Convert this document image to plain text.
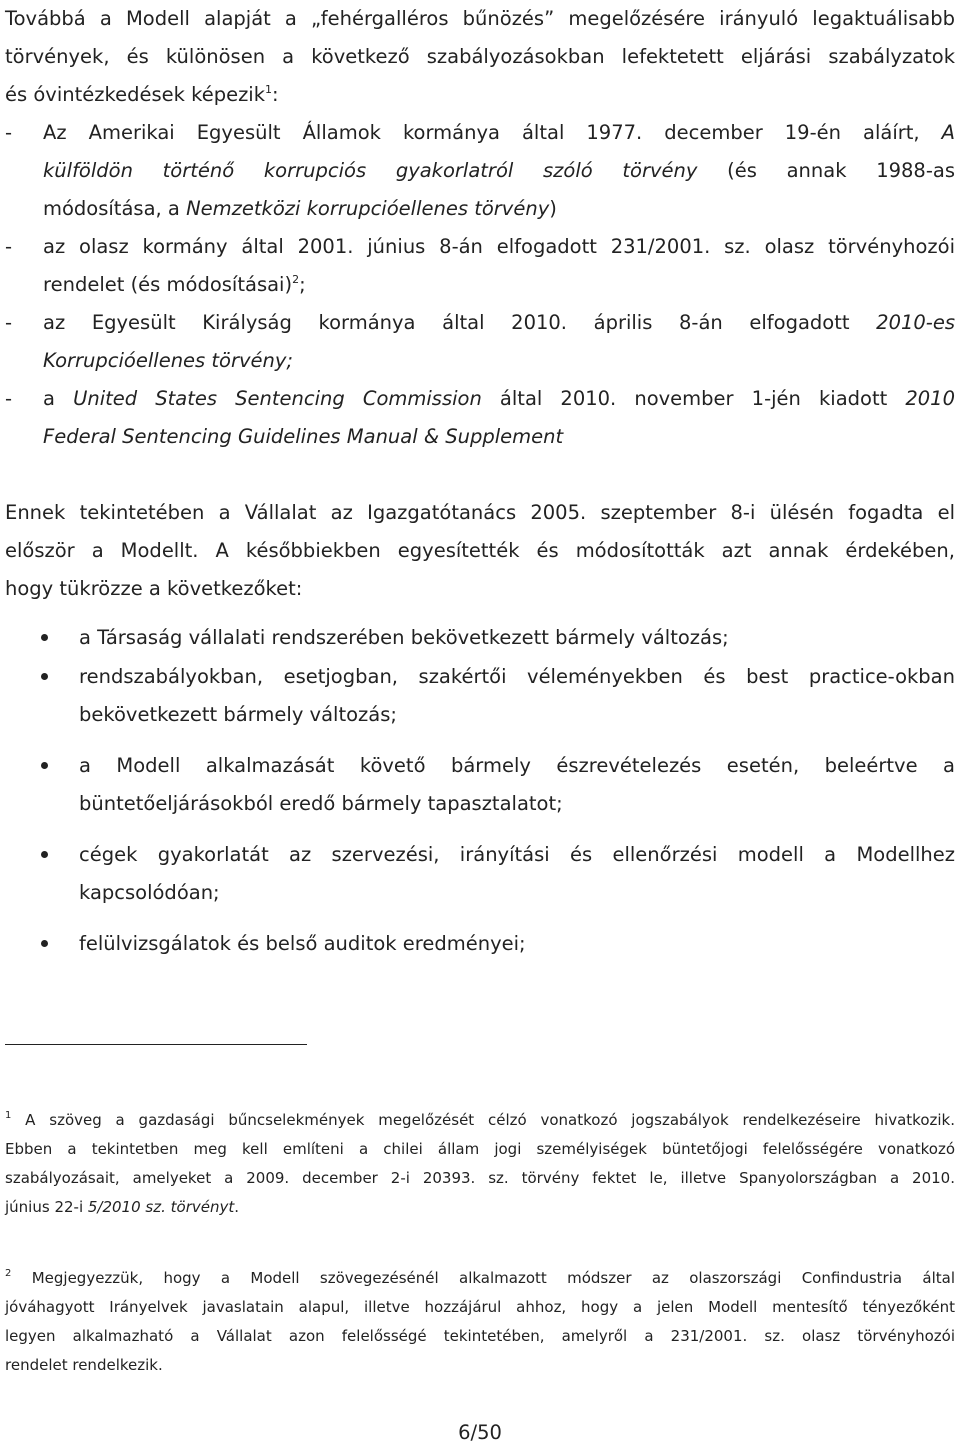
Továbbá a Modell alapját a „fehérgalléros bűnözés” megelőzésére irányuló legaktuálisabb

törvények, és különösen a következő szabályozásokban lefektetett eljárási szabályzatok

és óvintézkedések képezik$^1$:

- Az Amerikai Egyesült Államok kormánya által 1977. december 19-én aláírt, A

külföldön történő korrupciós gyakorlatról szóló törvény (és annak 1988-as

módosítása, a Nemzetközi korrupcióellenes törvény)

- az olasz kormány által 2001. június 8-án elfogadott 231/2001. sz. olasz törvényhozói

rendelet (és módosításai)$^2$;

- az Egyesült Királyság kormánya által 2010. április 8-án elfogadott 2010-es

Korrupcióellenes törvény;

- a United States Sentencing Commission által 2010. november 1-jén kiadott 2010

Federal Sentencing Guidelines Manual & Supplement

Ennek tekintetében a Vállalat az Igazgatótanács 2005. szeptember 8-i ülésén fogadta el

először a Modellt. A későbbiekben egyesítették és módosították azt annak érdekében,

hogy tükrözze a következőket:

a Társaság vállalati rendszerében bekövetkezett bármely változás;

rendszabályokban, esetjogban, szakértői véleményekben és best practice-okban

bekövetkezett bármely változás;

a Modell alkalmazását követő bármely észrevételezés esetén, beleértve a

büntetőeljárásokból eredő bármely tapasztalatot;

cégek gyakorlatát az szervezési, irányítási és ellenőrzési modell a Modellhez

kapcsolódóan;

felülvizsgálatok és belső auditok eredményei;

$^1$ A szöveg a gazdasági bűncselekmények megelőzését célzó vonatkozó jogszabályok rendelkezéseire hivatkozik.

Ebben a tekintetben meg kell említeni a chilei állam jogi személyiségek büntetőjogi felelősségére vonatkozó

szabályozásait, amelyeket a 2009. december 2-i 20393. sz. törvény fektet le, illetve Spanyolországban a 2010.

június 22-i 5/2010 sz. törvényt.

$^2$ Megjegyezzük, hogy a Modell szövegezésénél alkalmazott módszer az olaszországi Confindustria által

jóváhagyott Irányelvek javaslatain alapul, illetve hozzájárul ahhoz, hogy a jelen Modell mentesítő tényezőként

legyen alkalmazható a Vállalat azon felelősségé tekintetében, amelyről a 231/2001. sz. olasz törvényhozói

rendelet rendelkezik.

6/50
